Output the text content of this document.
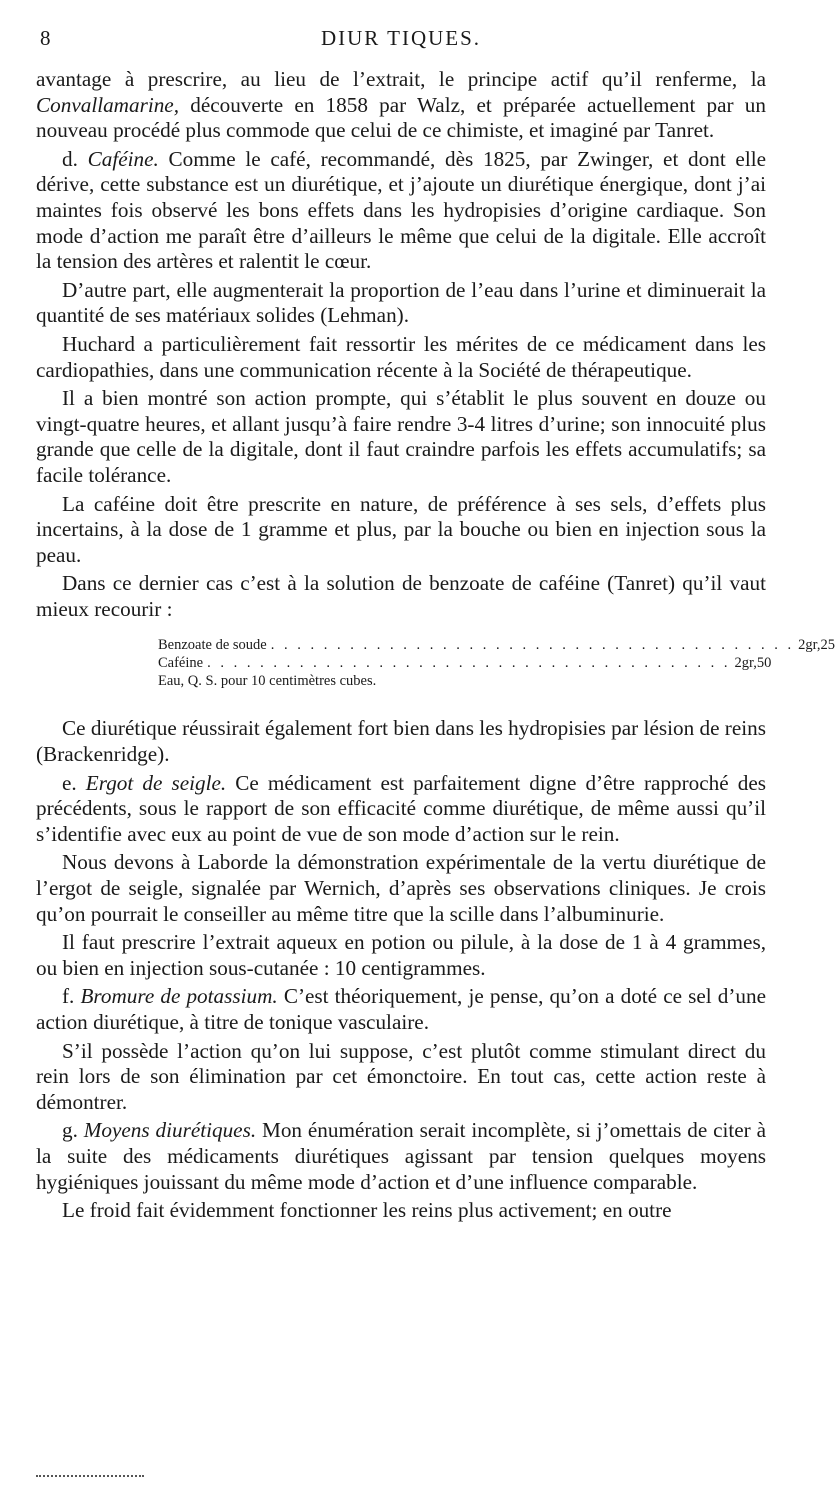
8	DIUR TIQUES.

avantage à prescrire, au lieu de l’extrait, le principe actif qu’il renferme, la Convallamarine, découverte en 1858 par Walz, et préparée actuellement par un nouveau procédé plus commode que celui de ce chimiste, et imaginé par Tanret.

d. Caféine. Comme le café, recommandé, dès 1825, par Zwinger, et dont elle dérive, cette substance est un diurétique, et j’ajoute un diurétique énergique, dont j’ai maintes fois observé les bons effets dans les hydropisies d’origine cardiaque. Son mode d’action me paraît être d’ailleurs le même que celui de la digitale. Elle accroît la tension des artères et ralentit le cœur.

D’autre part, elle augmenterait la proportion de l’eau dans l’urine et diminuerait la quantité de ses matériaux solides (Lehman).

Huchard a particulièrement fait ressortir les mérites de ce médicament dans les cardiopathies, dans une communication récente à la Société de thérapeutique.

Il a bien montré son action prompte, qui s’établit le plus souvent en douze ou vingt-quatre heures, et allant jusqu’à faire rendre 3-4 litres d’urine; son innocuité plus grande que celle de la digitale, dont il faut craindre parfois les effets accumulatifs; sa facile tolérance.

La caféine doit être prescrite en nature, de préférence à ses sels, d’effets plus incertains, à la dose de 1 gramme et plus, par la bouche ou bien en injection sous la peau.

Dans ce dernier cas c’est à la solution de benzoate de caféine (Tanret) qu’il vaut mieux recourir :

Benzoate de soude . . . . . . . . . . . . . . . . . . . . . . . . . . . . . . . . . . . . . . . . 2gr,25
Caféine . . . . . . . . . . . . . . . . . . . . . . . . . . . . . . . . . . . . . . . . 2gr,50
Eau, Q. S. pour 10 centimètres cubes.

Ce diurétique réussirait également fort bien dans les hydropisies par lésion de reins (Brackenridge).

e. Ergot de seigle. Ce médicament est parfaitement digne d’être rapproché des précédents, sous le rapport de son efficacité comme diurétique, de même aussi qu’il s’identifie avec eux au point de vue de son mode d’action sur le rein.

Nous devons à Laborde la démonstration expérimentale de la vertu diurétique de l’ergot de seigle, signalée par Wernich, d’après ses observations cliniques. Je crois qu’on pourrait le conseiller au même titre que la scille dans l’albuminurie.

Il faut prescrire l’extrait aqueux en potion ou pilule, à la dose de 1 à 4 grammes, ou bien en injection sous-cutanée : 10 centigrammes.

f. Bromure de potassium. C’est théoriquement, je pense, qu’on a doté ce sel d’une action diurétique, à titre de tonique vasculaire.

S’il possède l’action qu’on lui suppose, c’est plutôt comme stimulant direct du rein lors de son élimination par cet émonctoire. En tout cas, cette action reste à démontrer.

g. Moyens diurétiques. Mon énumération serait incomplète, si j’omettais de citer à la suite des médicaments diurétiques agissant par tension quelques moyens hygiéniques jouissant du même mode d’action et d’une influence comparable.

Le froid fait évidemment fonctionner les reins plus activement; en outre
